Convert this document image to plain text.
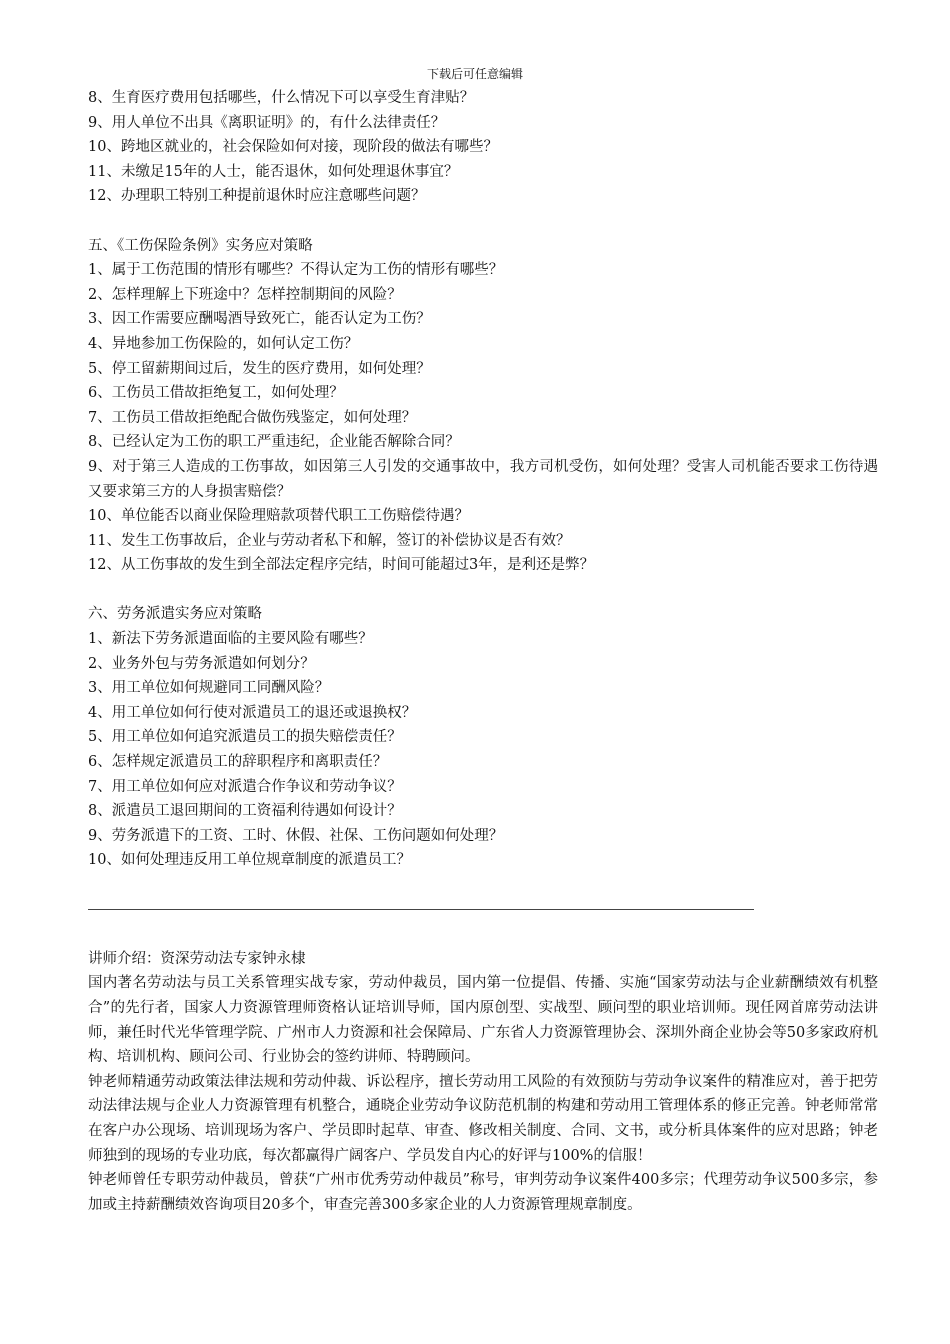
下载后可任意编辑
8、生育医疗费用包括哪些，什么情况下可以享受生育津贴？
9、用人单位不出具《离职证明》的，有什么法律责任？
10、跨地区就业的，社会保险如何对接，现阶段的做法有哪些？
11、未缴足15年的人士，能否退休，如何处理退休事宜？
12、办理职工特别工种提前退休时应注意哪些问题？
五、《工伤保险条例》实务应对策略
1、属于工伤范围的情形有哪些？不得认定为工伤的情形有哪些？
2、怎样理解上下班途中？怎样控制期间的风险？
3、因工作需要应酬喝酒导致死亡，能否认定为工伤？
4、异地参加工伤保险的，如何认定工伤？
5、停工留薪期间过后，发生的医疗费用，如何处理？
6、工伤员工借故拒绝复工，如何处理？
7、工伤员工借故拒绝配合做伤残鉴定，如何处理？
8、已经认定为工伤的职工严重违纪，企业能否解除合同？
9、对于第三人造成的工伤事故，如因第三人引发的交通事故中，我方司机受伤，如何处理？受害人司机能否要求工伤待遇又要求第三方的人身损害赔偿？
10、单位能否以商业保险理赔款项替代职工工伤赔偿待遇？
11、发生工伤事故后，企业与劳动者私下和解，签订的补偿协议是否有效？
12、从工伤事故的发生到全部法定程序完结，时间可能超过3年，是利还是弊？
六、劳务派遣实务应对策略
1、新法下劳务派遣面临的主要风险有哪些？
2、业务外包与劳务派遣如何划分？
3、用工单位如何规避同工同酬风险？
4、用工单位如何行使对派遣员工的退还或退换权？
5、用工单位如何追究派遣员工的损失赔偿责任？
6、怎样规定派遣员工的辞职程序和离职责任？
7、用工单位如何应对派遣合作争议和劳动争议？
8、派遣员工退回期间的工资福利待遇如何设计？
9、劳务派遣下的工资、工时、休假、社保、工伤问题如何处理？
10、如何处理违反用工单位规章制度的派遣员工？
讲师介绍：资深劳动法专家钟永棣
国内著名劳动法与员工关系管理实战专家，劳动仲裁员，国内第一位提倡、传播、实施“国家劳动法与企业薪酬绩效有机整合”的先行者，国家人力资源管理师资格认证培训导师，国内原创型、实战型、顾问型的职业培训师。现任网首席劳动法讲师，兼任时代光华管理学院、广州市人力资源和社会保障局、广东省人力资源管理协会、深圳外商企业协会等50多家政府机构、培训机构、顾问公司、行业协会的签约讲师、特聘顾问。
钟老师精通劳动政策法律法规和劳动仲裁、诉讼程序，擅长劳动用工风险的有效预防与劳动争议案件的精准应对，善于把劳动法律法规与企业人力资源管理有机整合，通晓企业劳动争议防范机制的构建和劳动用工管理体系的修正完善。钟老师常常在客户办公现场、培训现场为客户、学员即时起草、审查、修改相关制度、合同、文书，或分析具体案件的应对思路；钟老师独到的现场的专业功底，每次都赢得广阔客户、学员发自内心的好评与100%的信服！
钟老师曾任专职劳动仲裁员，曾获“广州市优秀劳动仲裁员”称号，审判劳动争议案件400多宗；代理劳动争议500多宗，参加或主持薪酬绩效咨询项目20多个，审查完善300多家企业的人力资源管理规章制度。
